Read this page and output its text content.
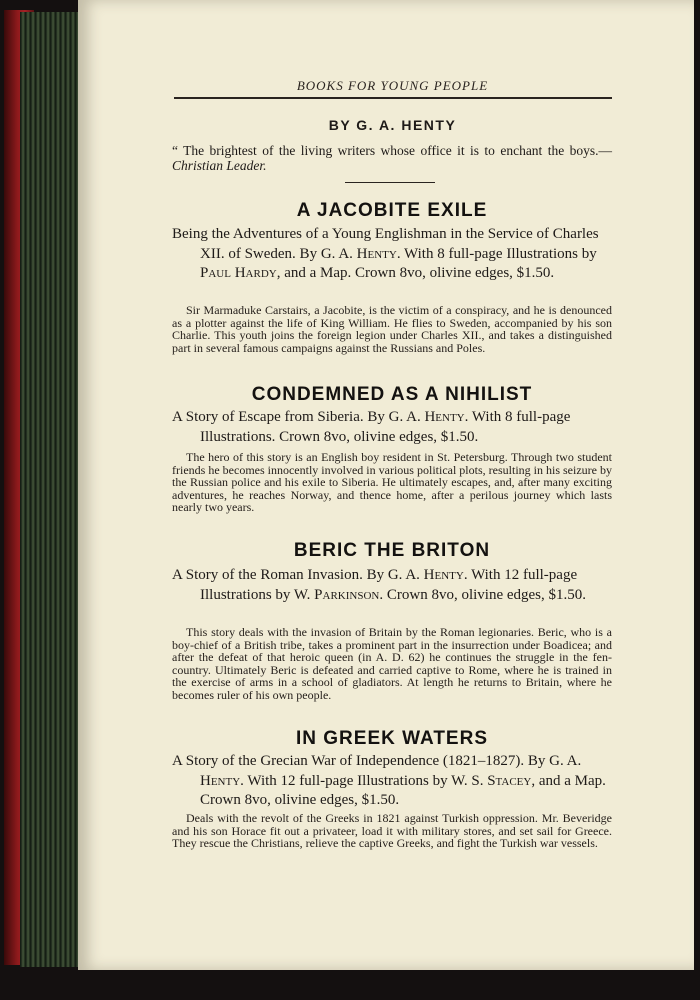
BOOKS FOR YOUNG PEOPLE
BY G. A. HENTY
“ The brightest of the living writers whose office it is to enchant the boys.—Christian Leader.
A JACOBITE EXILE
Being the Adventures of a Young Englishman in the Service of Charles XII. of Sweden. By G. A. Henty. With 8 full-page Illustrations by Paul Hardy, and a Map. Crown 8vo, olivine edges, $1.50.
Sir Marmaduke Carstairs, a Jacobite, is the victim of a conspiracy, and he is denounced as a plotter against the life of King William. He flies to Sweden, accompanied by his son Charlie. This youth joins the foreign legion under Charles XII., and takes a distinguished part in several famous campaigns against the Russians and Poles.
CONDEMNED AS A NIHILIST
A Story of Escape from Siberia. By G. A. Henty. With 8 full-page Illustrations. Crown 8vo, olivine edges, $1.50.
The hero of this story is an English boy resident in St. Petersburg. Through two student friends he becomes innocently involved in various political plots, resulting in his seizure by the Russian police and his exile to Siberia. He ultimately escapes, and, after many exciting adventures, he reaches Norway, and thence home, after a perilous journey which lasts nearly two years.
BERIC THE BRITON
A Story of the Roman Invasion. By G. A. Henty. With 12 full-page Illustrations by W. Parkinson. Crown 8vo, olivine edges, $1.50.
This story deals with the invasion of Britain by the Roman legionaries. Beric, who is a boy-chief of a British tribe, takes a prominent part in the insurrection under Boadicea; and after the defeat of that heroic queen (in A. D. 62) he continues the struggle in the fen-country. Ultimately Beric is defeated and carried captive to Rome, where he is trained in the exercise of arms in a school of gladiators. At length he returns to Britain, where he becomes ruler of his own people.
IN GREEK WATERS
A Story of the Grecian War of Independence (1821–1827). By G. A. Henty. With 12 full-page Illustrations by W. S. Stacey, and a Map. Crown 8vo, olivine edges, $1.50.
Deals with the revolt of the Greeks in 1821 against Turkish oppression. Mr. Beveridge and his son Horace fit out a privateer, load it with military stores, and set sail for Greece. They rescue the Christians, relieve the captive Greeks, and fight the Turkish war vessels.
